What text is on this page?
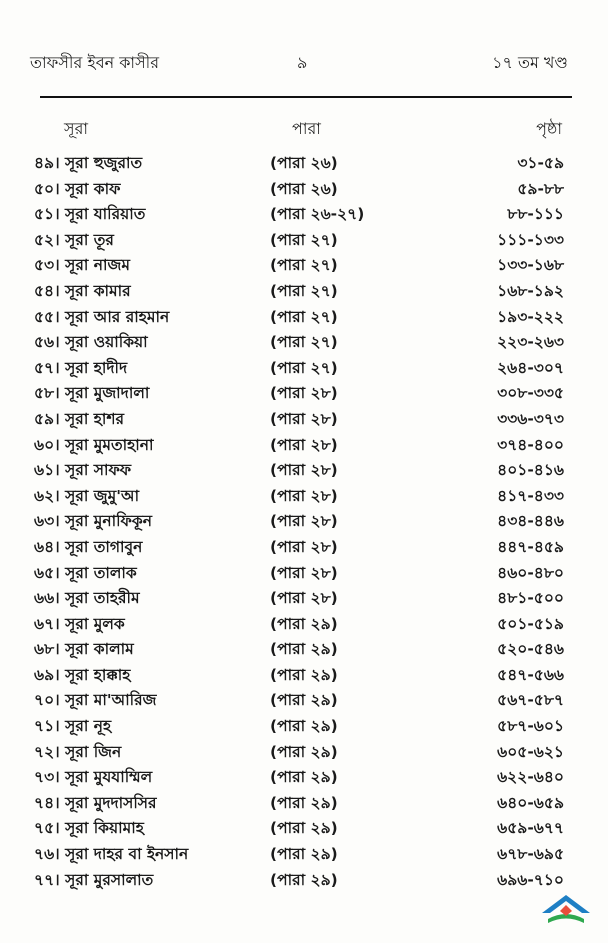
তাফসীর ইবন কাসীর	৯	১৭ তম খণ্ড
সূরা	পারা	পৃষ্ঠা
৪৯। সূরা হুজুরাত	(পারা ২৬)	৩১-৫৯
৫০। সূরা কাফ	(পারা ২৬)	৫৯-৮৮
৫১। সূরা যারিয়াত	(পারা ২৬-২৭)	৮৮-১১১
৫২। সূরা তূর	(পারা ২৭)	১১১-১৩৩
৫৩। সূরা নাজম	(পারা ২৭)	১৩৩-১৬৮
৫৪। সূরা কামার	(পারা ২৭)	১৬৮-১৯২
৫৫। সূরা আর রাহমান	(পারা ২৭)	১৯৩-২২২
৫৬। সূরা ওয়াকিয়া	(পারা ২৭)	২২৩-২৬৩
৫৭। সূরা হাদীদ	(পারা ২৭)	২৬৪-৩০৭
৫৮। সূরা মুজাদালা	(পারা ২৮)	৩০৮-৩৩৫
৫৯। সূরা হাশর	(পারা ২৮)	৩৩৬-৩৭৩
৬০। সূরা মুমতাহানা	(পারা ২৮)	৩৭৪-৪০০
৬১। সূরা সাফফ	(পারা ২৮)	৪০১-৪১৬
৬২। সূরা জুমু'আ	(পারা ২৮)	৪১৭-৪৩৩
৬৩। সূরা মুনাফিকূন	(পারা ২৮)	৪৩৪-৪৪৬
৬৪। সূরা তাগাবুন	(পারা ২৮)	৪৪৭-৪৫৯
৬৫। সূরা তালাক	(পারা ২৮)	৪৬০-৪৮০
৬৬। সূরা তাহরীম	(পারা ২৮)	৪৮১-৫০০
৬৭। সূরা মুলক	(পারা ২৯)	৫০১-৫১৯
৬৮। সূরা কালাম	(পারা ২৯)	৫২০-৫৪৬
৬৯। সূরা হাক্কাহ	(পারা ২৯)	৫৪৭-৫৬৬
৭০। সূরা মা'আরিজ	(পারা ২৯)	৫৬৭-৫৮৭
৭১। সূরা নূহ	(পারা ২৯)	৫৮৭-৬০১
৭২। সূরা জিন	(পারা ২৯)	৬০৫-৬২১
৭৩। সূরা মুযযাম্মিল	(পারা ২৯)	৬২২-৬৪০
৭৪। সূরা মুদদাসসির	(পারা ২৯)	৬৪০-৬৫৯
৭৫। সূরা কিয়ামাহ	(পারা ২৯)	৬৫৯-৬৭৭
৭৬। সূরা দাহর বা ইনসান	(পারা ২৯)	৬৭৮-৬৯৫
৭৭। সূরা মুরসালাত	(পারা ২৯)	৬৯৬-৭১০
